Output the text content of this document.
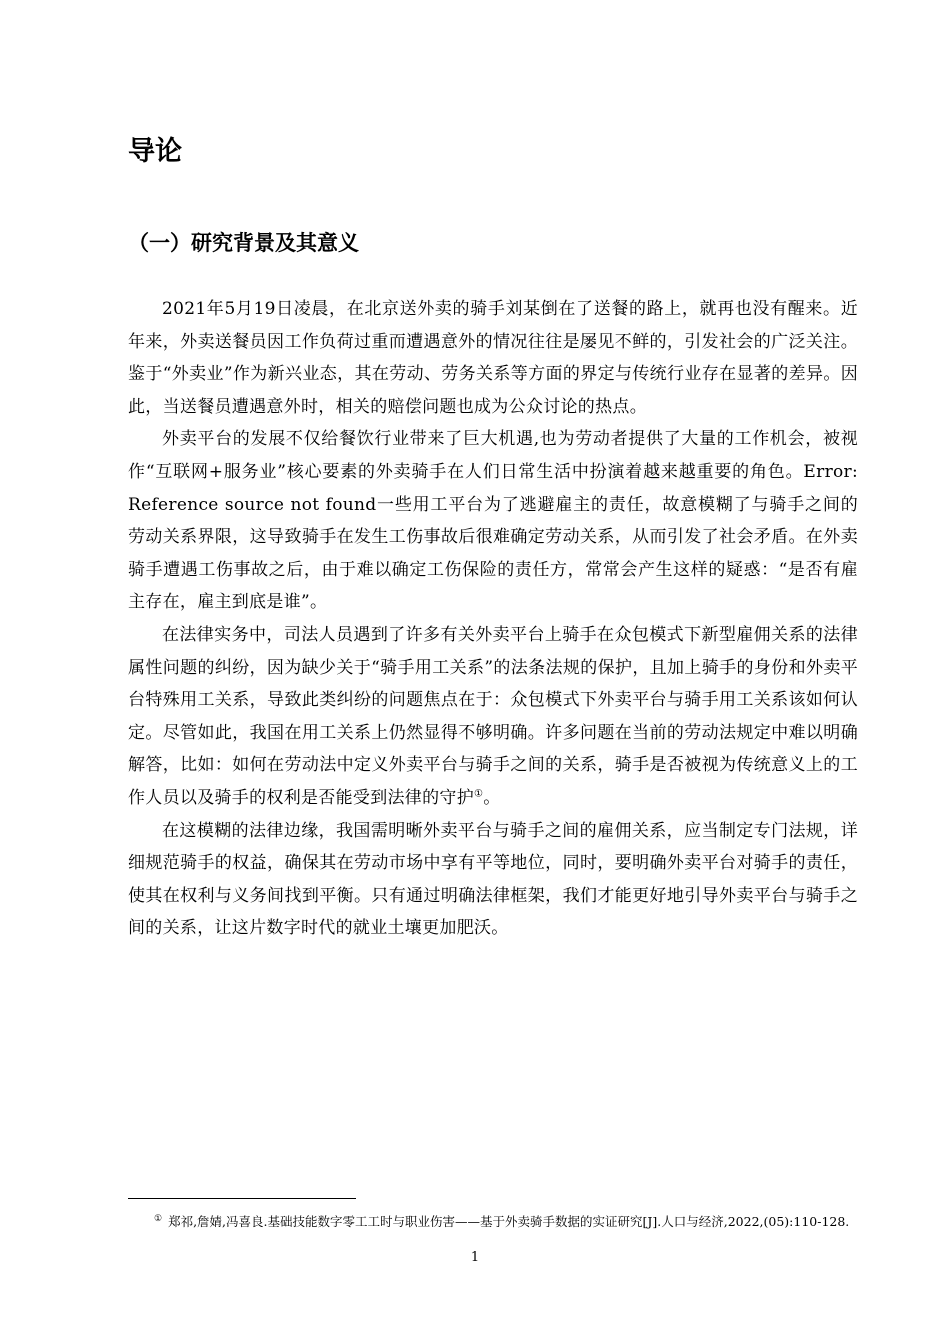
导论
（一）研究背景及其意义

2021年5月19日凌晨，在北京送外卖的骑手刘某倒在了送餐的路上，就再也没有醒来。近年来，外卖送餐员因工作负荷过重而遭遇意外的情况往往是屡见不鲜的，引发社会的广泛关注。鉴于“外卖业”作为新兴业态，其在劳动、劳务关系等方面的界定与传统行业存在显著的差异。因此，当送餐员遭遇意外时，相关的赔偿问题也成为公众讨论的热点。

外卖平台的发展不仅给餐饮行业带来了巨大机遇,也为劳动者提供了大量的工作机会，被视作“互联网+服务业”核心要素的外卖骑手在人们日常生活中扮演着越来越重要的角色。Error: Reference source not found一些用工平台为了逃避雇主的责任，故意模糊了与骑手之间的劳动关系界限，这导致骑手在发生工伤事故后很难确定劳动关系，从而引发了社会矛盾。在外卖骑手遭遇工伤事故之后，由于难以确定工伤保险的责任方，常常会产生这样的疑惑：“是否有雇主存在，雇主到底是谁”。

在法律实务中，司法人员遇到了许多有关外卖平台上骑手在众包模式下新型雇佣关系的法律属性问题的纠纷，因为缺少关于“骑手用工关系”的法条法规的保护，且加上骑手的身份和外卖平台特殊用工关系，导致此类纠纷的问题焦点在于：众包模式下外卖平台与骑手用工关系该如何认定。尽管如此，我国在用工关系上仍然显得不够明确。许多问题在当前的劳动法规定中难以明确解答，比如：如何在劳动法中定义外卖平台与骑手之间的关系，骑手是否被视为传统意义上的工作人员以及骑手的权利是否能受到法律的守护①。

在这模糊的法律边缘，我国需明晰外卖平台与骑手之间的雇佣关系，应当制定专门法规，详细规范骑手的权益，确保其在劳动市场中享有平等地位，同时，要明确外卖平台对骑手的责任，使其在权利与义务间找到平衡。只有通过明确法律框架，我们才能更好地引导外卖平台与骑手之间的关系，让这片数字时代的就业土壤更加肥沃。

① 郑祁,詹婧,冯喜良.基础技能数字零工工时与职业伤害——基于外卖骑手数据的实证研究[J].人口与经济,2022,(05):110-128.
1
